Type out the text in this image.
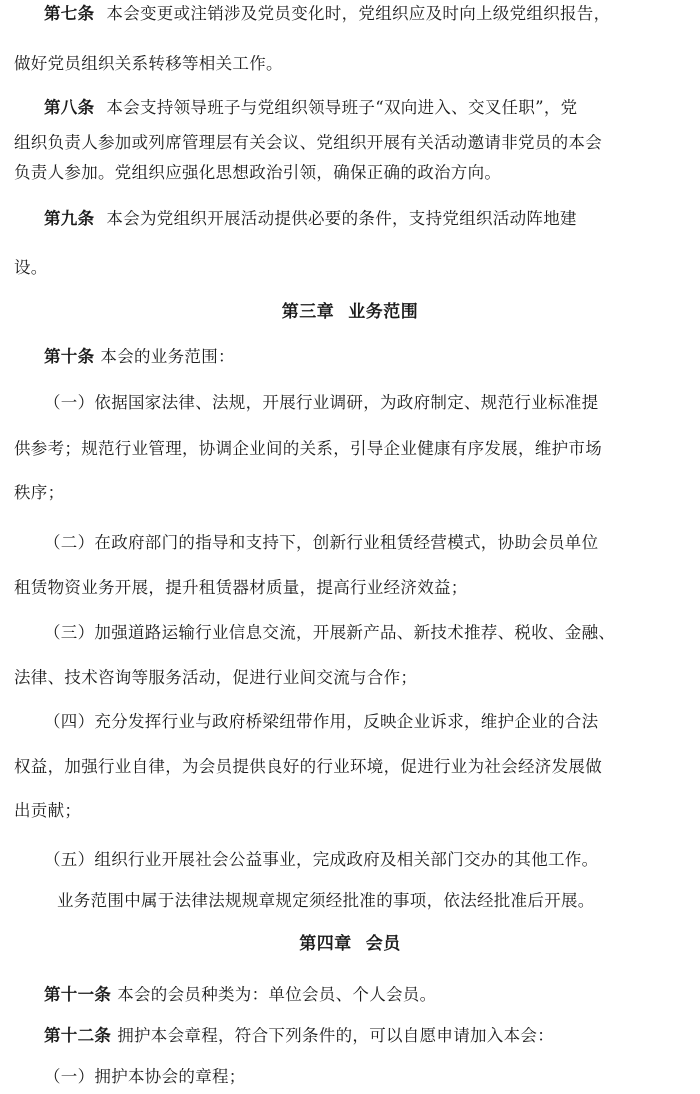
第七条 本会变更或注销涉及党员变化时，党组织应及时向上级党组织报告，
做好党员组织关系转移等相关工作。
第八条 本会支持领导班子与党组织领导班子“双向进入、交叉任职”，党
组织负责人参加或列席管理层有关会议、党组织开展有关活动邀请非党员的本会
负责人参加。党组织应强化思想政治引领，确保正确的政治方向。
第九条 本会为党组织开展活动提供必要的条件，支持党组织活动阵地建
设。
第三章 业务范围
第十条 本会的业务范围：
（一）依据国家法律、法规，开展行业调研，为政府制定、规范行业标准提
供参考；规范行业管理，协调企业间的关系，引导企业健康有序发展，维护市场
秩序；
（二）在政府部门的指导和支持下，创新行业租赁经营模式，协助会员单位
租赁物资业务开展，提升租赁器材质量，提高行业经济效益；
（三）加强道路运输行业信息交流，开展新产品、新技术推荐、税收、金融、
法律、技术咨询等服务活动，促进行业间交流与合作；
（四）充分发挥行业与政府桥梁纽带作用，反映企业诉求，维护企业的合法
权益，加强行业自律，为会员提供良好的行业环境，促进行业为社会经济发展做
出贡献；
（五）组织行业开展社会公益事业，完成政府及相关部门交办的其他工作。
业务范围中属于法律法规规章规定须经批准的事项，依法经批准后开展。
第四章 会员
第十一条 本会的会员种类为：单位会员、个人会员。
第十二条 拥护本会章程，符合下列条件的，可以自愿申请加入本会：
（一）拥护本协会的章程；
